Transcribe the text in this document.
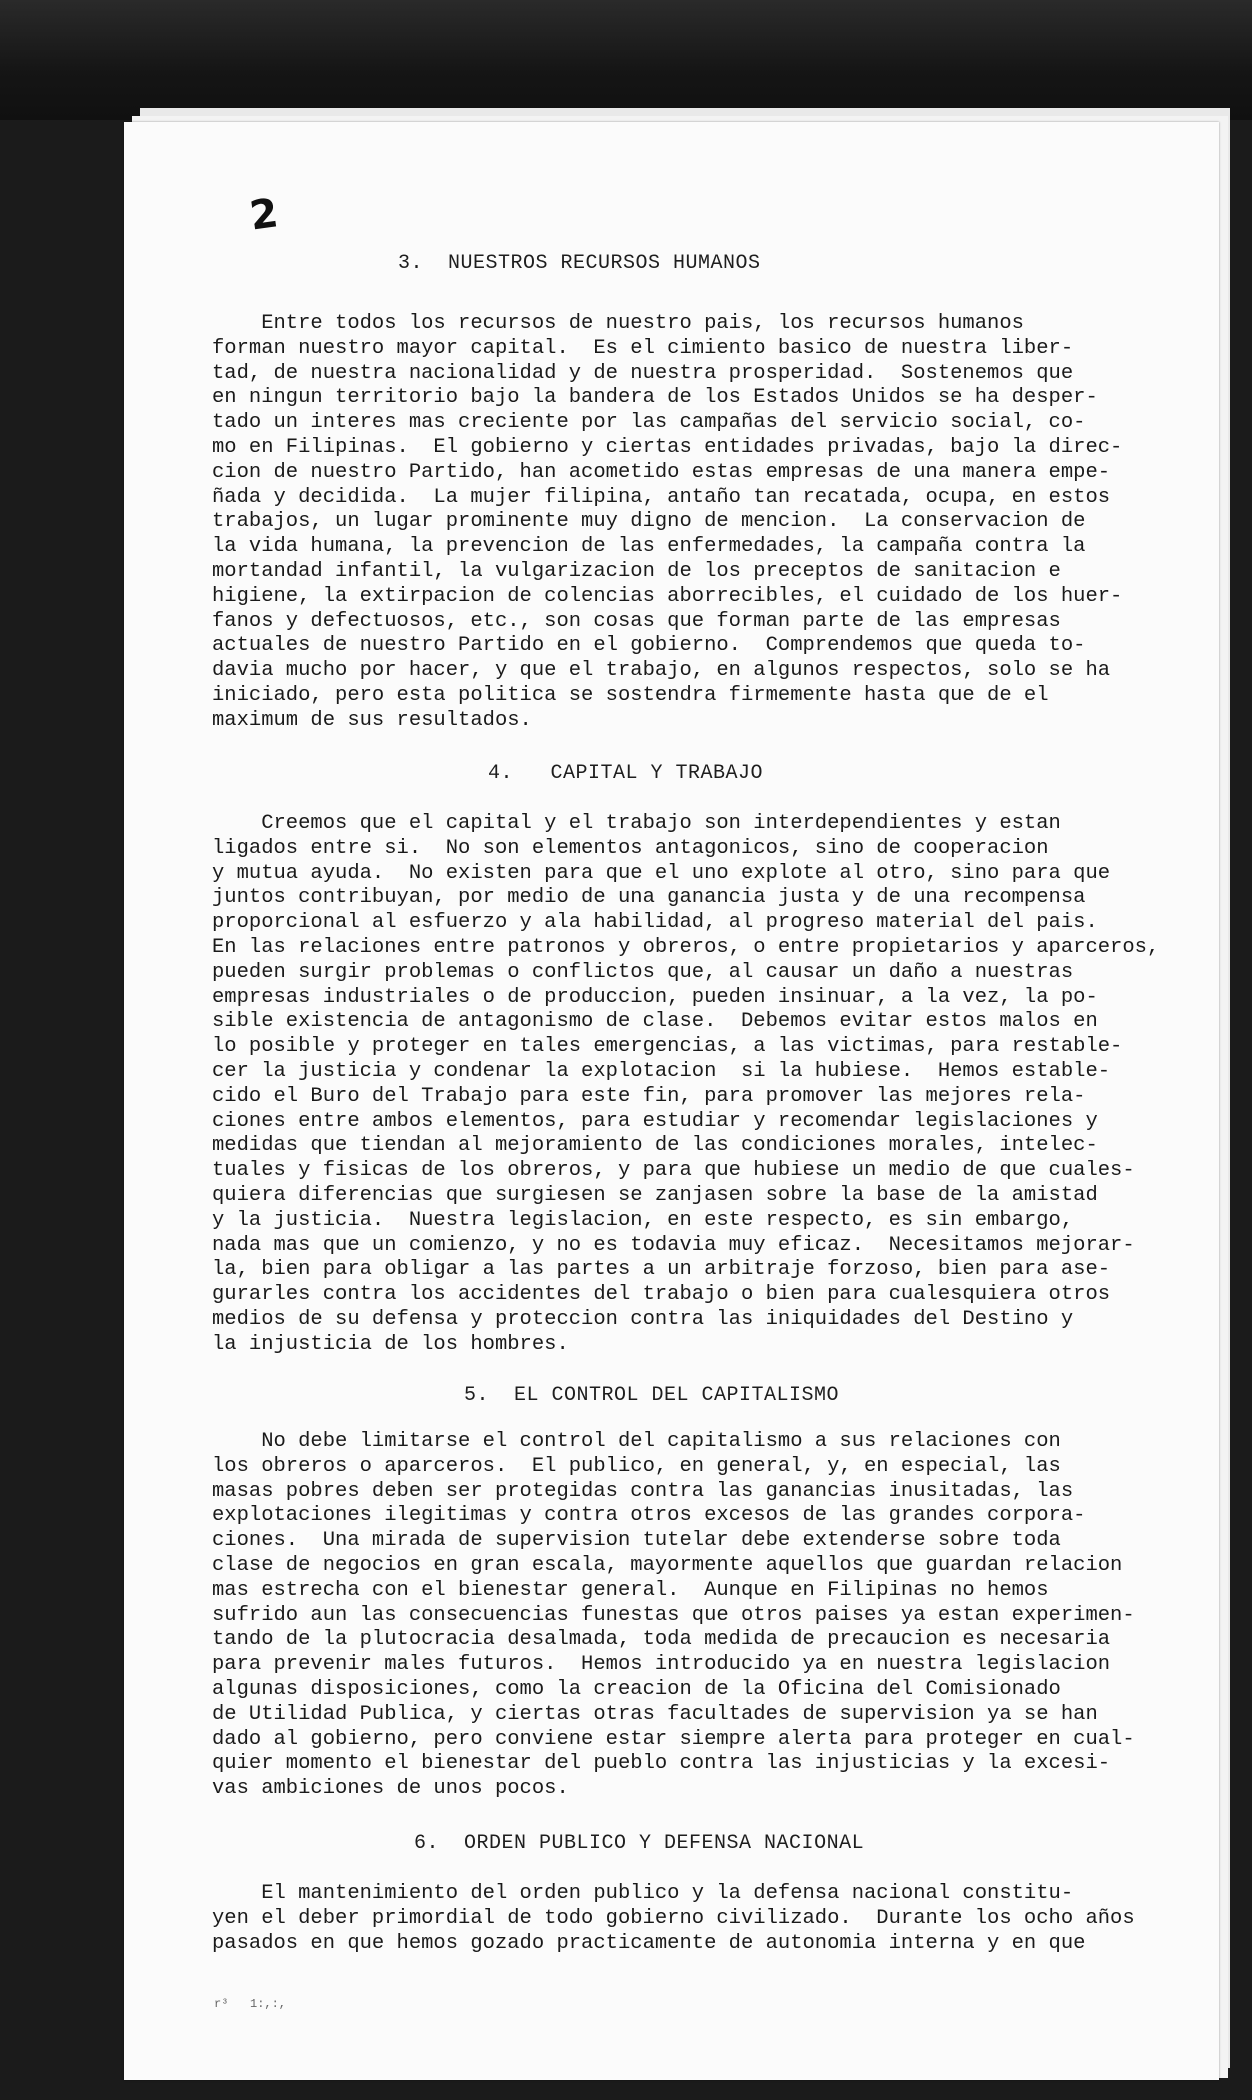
2
3.  NUESTROS RECURSOS HUMANOS
Entre todos los recursos de nuestro pais, los recursos humanos
forman nuestro mayor capital.  Es el cimiento basico de nuestra liber-
tad, de nuestra nacionalidad y de nuestra prosperidad.  Sostenemos que
en ningun territorio bajo la bandera de los Estados Unidos se ha desper-
tado un interes mas creciente por las campañas del servicio social, co-
mo en Filipinas.  El gobierno y ciertas entidades privadas, bajo la direc-
cion de nuestro Partido, han acometido estas empresas de una manera empe-
ñada y decidida.  La mujer filipina, antaño tan recatada, ocupa, en estos
trabajos, un lugar prominente muy digno de mencion.  La conservacion de
la vida humana, la prevencion de las enfermedades, la campaña contra la
mortandad infantil, la vulgarizacion de los preceptos de sanitacion e
higiene, la extirpacion de colencias aborrecibles, el cuidado de los huer-
fanos y defectuosos, etc., son cosas que forman parte de las empresas
actuales de nuestro Partido en el gobierno.  Comprendemos que queda to-
davia mucho por hacer, y que el trabajo, en algunos respectos, solo se ha
iniciado, pero esta politica se sostendra firmemente hasta que de el
maximum de sus resultados.
4.   CAPITAL Y TRABAJO
Creemos que el capital y el trabajo son interdependientes y estan
ligados entre si.  No son elementos antagonicos, sino de cooperacion
y mutua ayuda.  No existen para que el uno explote al otro, sino para que
juntos contribuyan, por medio de una ganancia justa y de una recompensa
proporcional al esfuerzo y ala habilidad, al progreso material del pais.
En las relaciones entre patronos y obreros, o entre propietarios y aparceros,
pueden surgir problemas o conflictos que, al causar un daño a nuestras
empresas industriales o de produccion, pueden insinuar, a la vez, la po-
sible existencia de antagonismo de clase.  Debemos evitar estos malos en
lo posible y proteger en tales emergencias, a las victimas, para restable-
cer la justicia y condenar la explotacion  si la hubiese.  Hemos estable-
cido el Buro del Trabajo para este fin, para promover las mejores rela-
ciones entre ambos elementos, para estudiar y recomendar legislaciones y
medidas que tiendan al mejoramiento de las condiciones morales, intelec-
tuales y fisicas de los obreros, y para que hubiese un medio de que cuales-
quiera diferencias que surgiesen se zanjasen sobre la base de la amistad
y la justicia.  Nuestra legislacion, en este respecto, es sin embargo,
nada mas que un comienzo, y no es todavia muy eficaz.  Necesitamos mejorar-
la, bien para obligar a las partes a un arbitraje forzoso, bien para ase-
gurarles contra los accidentes del trabajo o bien para cualesquiera otros
medios de su defensa y proteccion contra las iniquidades del Destino y
la injusticia de los hombres.
5.  EL CONTROL DEL CAPITALISMO
No debe limitarse el control del capitalismo a sus relaciones con
los obreros o aparceros.  El publico, en general, y, en especial, las
masas pobres deben ser protegidas contra las ganancias inusitadas, las
explotaciones ilegitimas y contra otros excesos de las grandes corpora-
ciones.  Una mirada de supervision tutelar debe extenderse sobre toda
clase de negocios en gran escala, mayormente aquellos que guardan relacion
mas estrecha con el bienestar general.  Aunque en Filipinas no hemos
sufrido aun las consecuencias funestas que otros paises ya estan experimen-
tando de la plutocracia desalmada, toda medida de precaucion es necesaria
para prevenir males futuros.  Hemos introducido ya en nuestra legislacion
algunas disposiciones, como la creacion de la Oficina del Comisionado
de Utilidad Publica, y ciertas otras facultades de supervision ya se han
dado al gobierno, pero conviene estar siempre alerta para proteger en cual-
quier momento el bienestar del pueblo contra las injusticias y la excesi-
vas ambiciones de unos pocos.
6.  ORDEN PUBLICO Y DEFENSA NACIONAL
El mantenimiento del orden publico y la defensa nacional constitu-
yen el deber primordial de todo gobierno civilizado.  Durante los ocho años
pasados en que hemos gozado practicamente de autonomia interna y en que
r³   1:,:,
